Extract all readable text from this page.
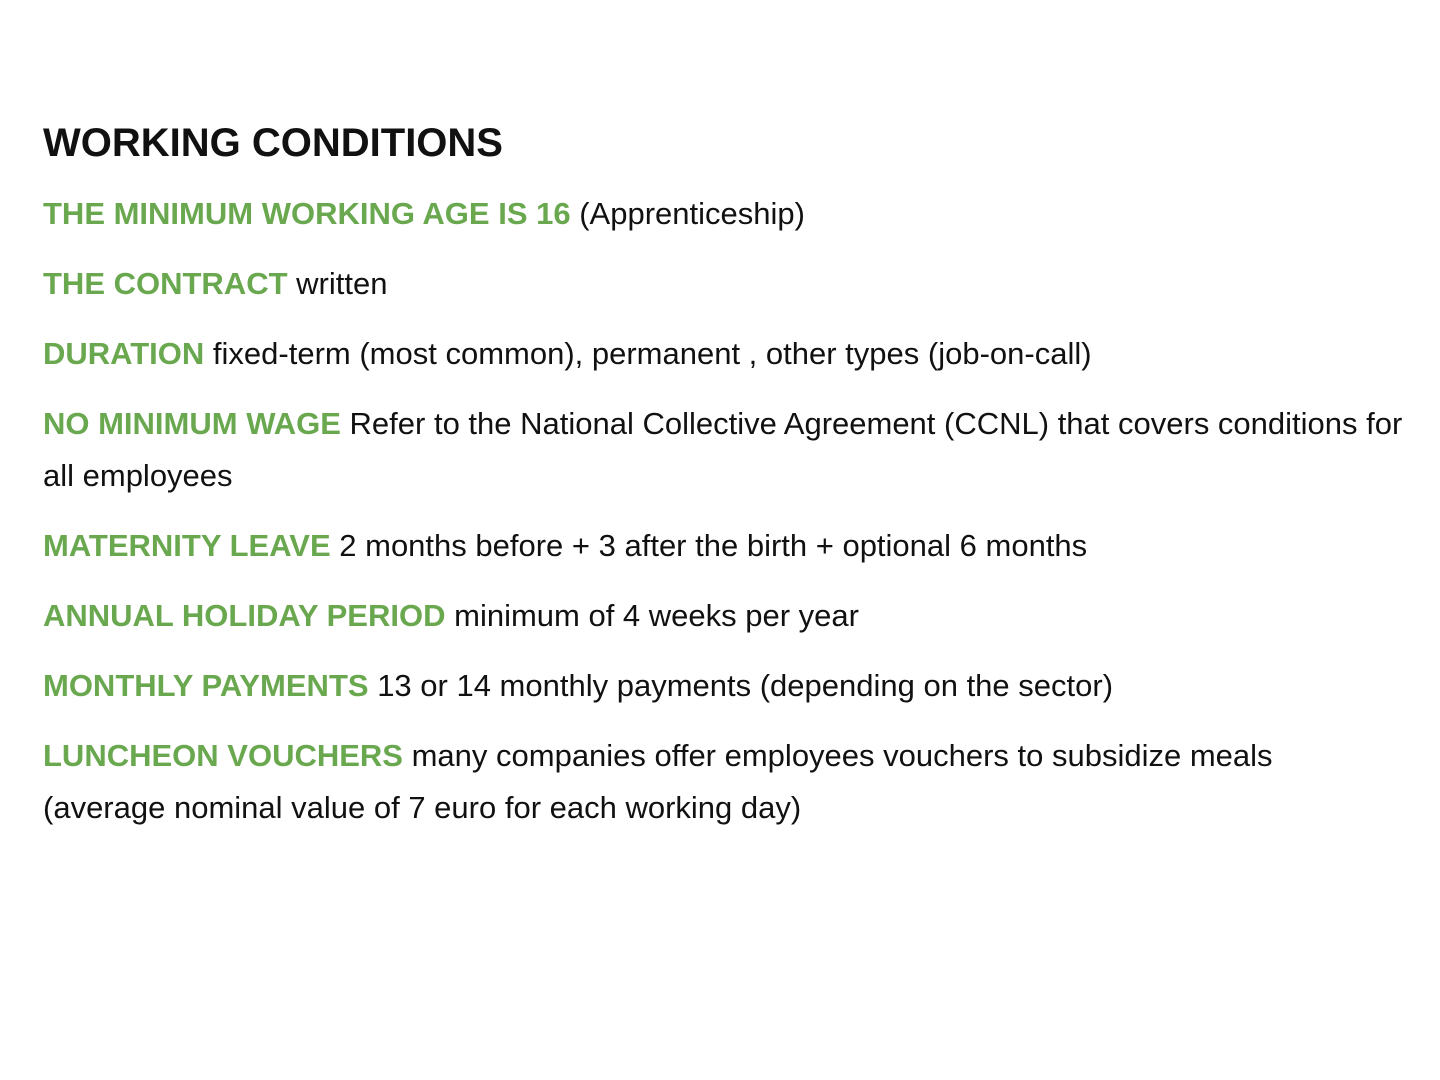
WORKING CONDITIONS
THE MINIMUM WORKING AGE IS 16 (Apprenticeship)
THE CONTRACT written
DURATION fixed-term (most common), permanent , other types (job-on-call)
NO MINIMUM WAGE Refer to the National Collective Agreement (CCNL) that covers conditions for all employees
MATERNITY LEAVE 2 months before + 3 after the birth + optional 6 months
ANNUAL HOLIDAY PERIOD minimum of 4 weeks per year
MONTHLY PAYMENTS 13 or 14 monthly payments (depending on the sector)
LUNCHEON VOUCHERS many companies offer employees vouchers to subsidize meals (average nominal value of 7 euro for each working day)
